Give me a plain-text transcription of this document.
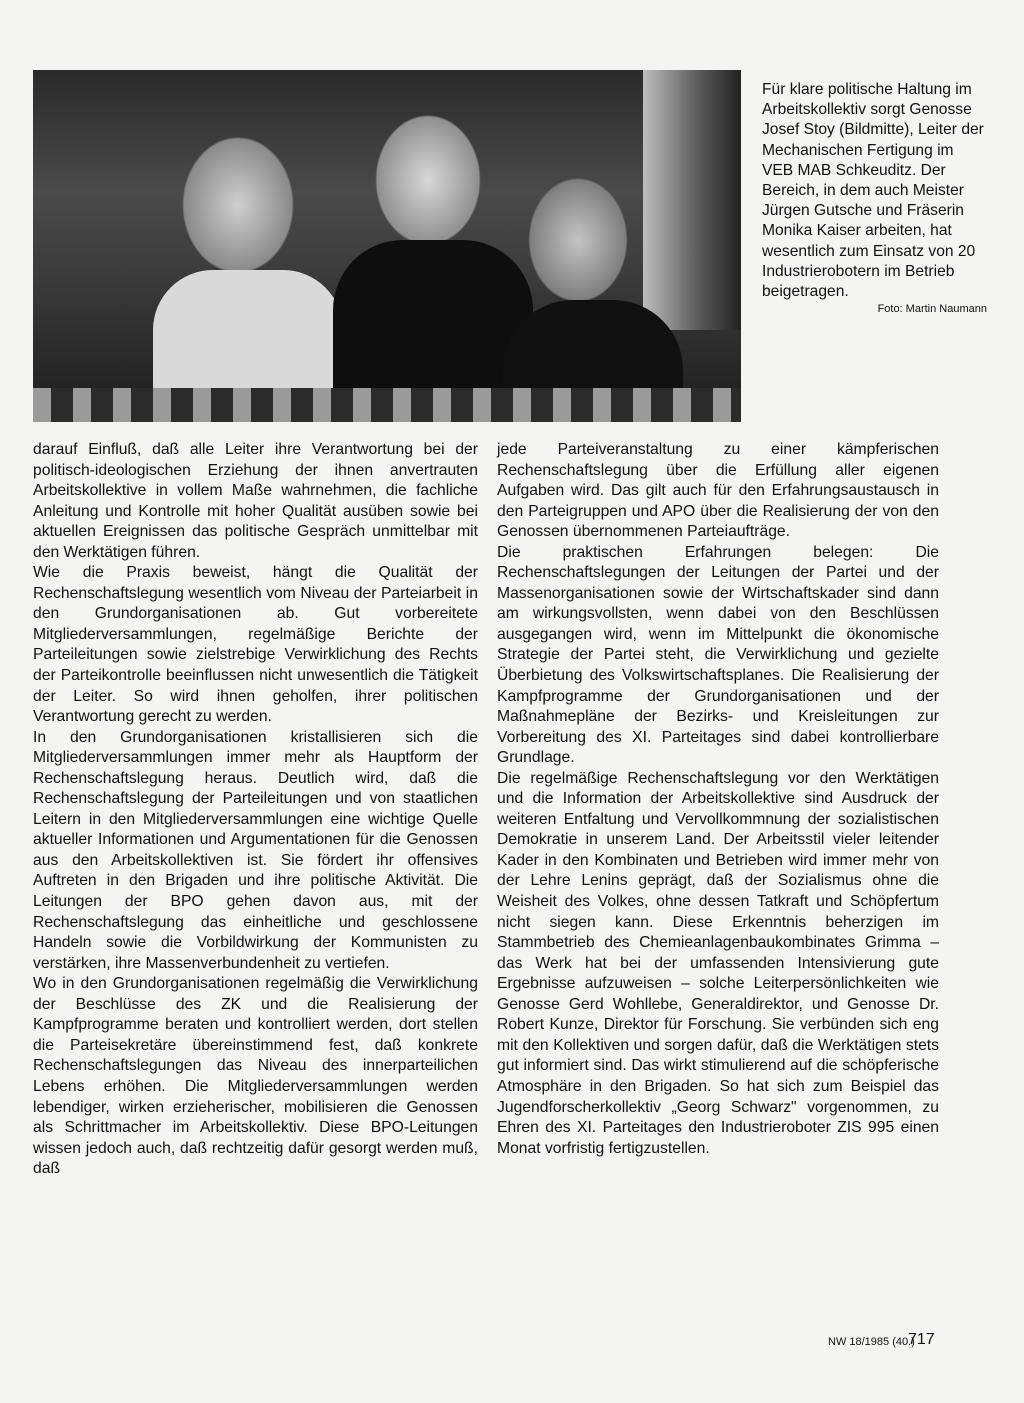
Für klare politische Haltung im Arbeitskollektiv sorgt Genosse Josef Stoy (Bildmitte), Leiter der Mechanischen Fertigung im VEB MAB Schkeuditz. Der Bereich, in dem auch Meister Jürgen Gutsche und Fräserin Monika Kaiser arbeiten, hat wesentlich zum Einsatz von 20 Industrierobotern im Betrieb beigetragen.
Foto: Martin Naumann

darauf Einfluß, daß alle Leiter ihre Verantwortung bei der politisch-ideologischen Erziehung der ihnen anvertrauten Arbeitskollektive in vollem Maße wahrnehmen, die fachliche Anleitung und Kontrolle mit hoher Qualität ausüben sowie bei aktuellen Ereignissen das politische Gespräch unmittelbar mit den Werktätigen führen.

Wie die Praxis beweist, hängt die Qualität der Rechenschaftslegung wesentlich vom Niveau der Parteiarbeit in den Grundorganisationen ab. Gut vorbereitete Mitgliederversammlungen, regelmäßige Berichte der Parteileitungen sowie zielstrebige Verwirklichung des Rechts der Parteikontrolle beeinflussen nicht unwesentlich die Tätigkeit der Leiter. So wird ihnen geholfen, ihrer politischen Verantwortung gerecht zu werden.

In den Grundorganisationen kristallisieren sich die Mitgliederversammlungen immer mehr als Hauptform der Rechenschaftslegung heraus. Deutlich wird, daß die Rechenschaftslegung der Parteileitungen und von staatlichen Leitern in den Mitgliederversammlungen eine wichtige Quelle aktueller Informationen und Argumentationen für die Genossen aus den Arbeitskollektiven ist. Sie fördert ihr offensives Auftreten in den Brigaden und ihre politische Aktivität. Die Leitungen der BPO gehen davon aus, mit der Rechenschaftslegung das einheitliche und geschlossene Handeln sowie die Vorbildwirkung der Kommunisten zu verstärken, ihre Massenverbundenheit zu vertiefen.

Wo in den Grundorganisationen regelmäßig die Verwirklichung der Beschlüsse des ZK und die Realisierung der Kampfprogramme beraten und kontrolliert werden, dort stellen die Parteisekretäre übereinstimmend fest, daß konkrete Rechenschaftslegungen das Niveau des innerparteilichen Lebens erhöhen. Die Mitgliederversammlungen werden lebendiger, wirken erzieherischer, mobilisieren die Genossen als Schrittmacher im Arbeitskollektiv. Diese BPO-Leitungen wissen jedoch auch, daß rechtzeitig dafür gesorgt werden muß, daß

jede Parteiveranstaltung zu einer kämpferischen Rechenschaftslegung über die Erfüllung aller eigenen Aufgaben wird. Das gilt auch für den Erfahrungsaustausch in den Parteigruppen und APO über die Realisierung der von den Genossen übernommenen Parteiaufträge.

Die praktischen Erfahrungen belegen: Die Rechenschaftslegungen der Leitungen der Partei und der Massenorganisationen sowie der Wirtschaftskader sind dann am wirkungsvollsten, wenn dabei von den Beschlüssen ausgegangen wird, wenn im Mittelpunkt die ökonomische Strategie der Partei steht, die Verwirklichung und gezielte Überbietung des Volkswirtschaftsplanes. Die Realisierung der Kampfprogramme der Grundorganisationen und der Maßnahmepläne der Bezirks- und Kreisleitungen zur Vorbereitung des XI. Parteitages sind dabei kontrollierbare Grundlage.

Die regelmäßige Rechenschaftslegung vor den Werktätigen und die Information der Arbeitskollektive sind Ausdruck der weiteren Entfaltung und Vervollkommnung der sozialistischen Demokratie in unserem Land. Der Arbeitsstil vieler leitender Kader in den Kombinaten und Betrieben wird immer mehr von der Lehre Lenins geprägt, daß der Sozialismus ohne die Weisheit des Volkes, ohne dessen Tatkraft und Schöpfertum nicht siegen kann. Diese Erkenntnis beherzigen im Stammbetrieb des Chemieanlagenbaukombinates Grimma – das Werk hat bei der umfassenden Intensivierung gute Ergebnisse aufzuweisen – solche Leiterpersönlichkeiten wie Genosse Gerd Wohllebe, Generaldirektor, und Genosse Dr. Robert Kunze, Direktor für Forschung. Sie verbünden sich eng mit den Kollektiven und sorgen dafür, daß die Werktätigen stets gut informiert sind. Das wirkt stimulierend auf die schöpferische Atmosphäre in den Brigaden. So hat sich zum Beispiel das Jugendforscherkollektiv „Georg Schwarz" vorgenommen, zu Ehren des XI. Parteitages den Industrieroboter ZIS 995 einen Monat vorfristig fertigzustellen.

NW 18/1985 (40.)
717
